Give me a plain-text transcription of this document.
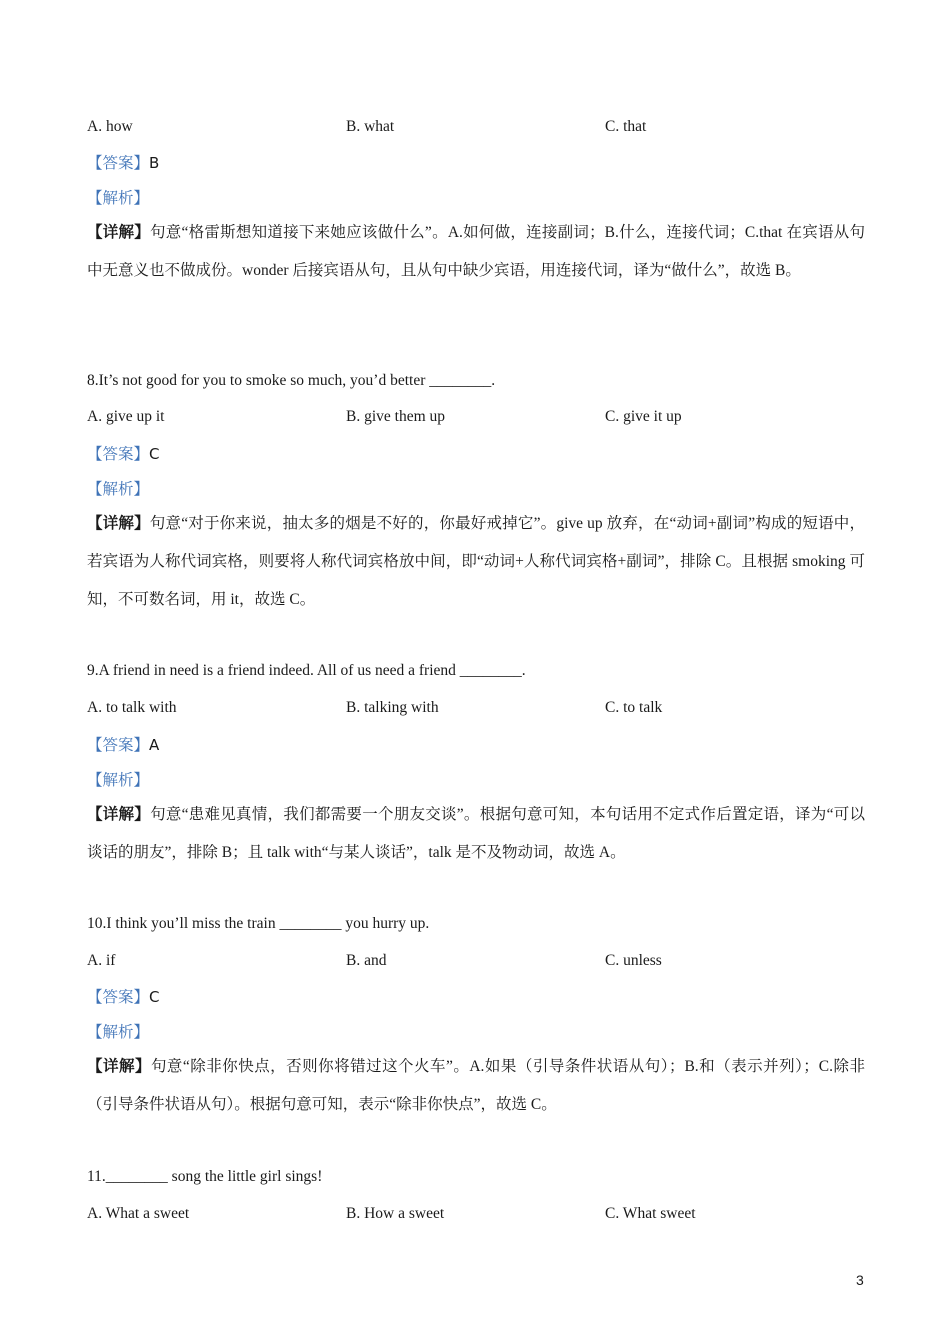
A. how	B. what	C. that
【答案】B
【解析】
【详解】句意“格雷斯想知道接下来她应该做什么”。A.如何做，连接副词；B.什么，连接代词；C.that 在宾语从句中无意义也不做成份。wonder 后接宾语从句，且从句中缺少宾语，用连接代词，译为“做什么”，故选 B。
8.It’s not good for you to smoke so much, you’d better ________.
A. give up it	B. give them up	C. give it up
【答案】C
【解析】
【详解】句意“对于你来说，抽太多的烟是不好的，你最好戒掉它”。give up 放弃，在“动词+副词”构成的短语中，若宾语为人称代词宾格，则要将人称代词宾格放中间，即“动词+人称代词宾格+副词”，排除 C。且根据 smoking 可知，不可数名词，用 it，故选 C。
9.A friend in need is a friend indeed. All of us need a friend ________.
A. to talk with	B. talking with	C. to talk
【答案】A
【解析】
【详解】句意“患难见真情，我们都需要一个朋友交谈”。根据句意可知，本句话用不定式作后置定语，译为“可以谈话的朋友”，排除 B；且 talk with“与某人谈话”，talk 是不及物动词，故选 A。
10.I think you’ll miss the train ________ you hurry up.
A. if	B. and	C. unless
【答案】C
【解析】
【详解】句意“除非你快点，否则你将错过这个火车”。A.如果（引导条件状语从句）；B.和（表示并列）；C.除非（引导条件状语从句）。根据句意可知，表示“除非你快点”，故选 C。
11.________ song the little girl sings!
A. What a sweet	B. How a sweet	C. What sweet
3
